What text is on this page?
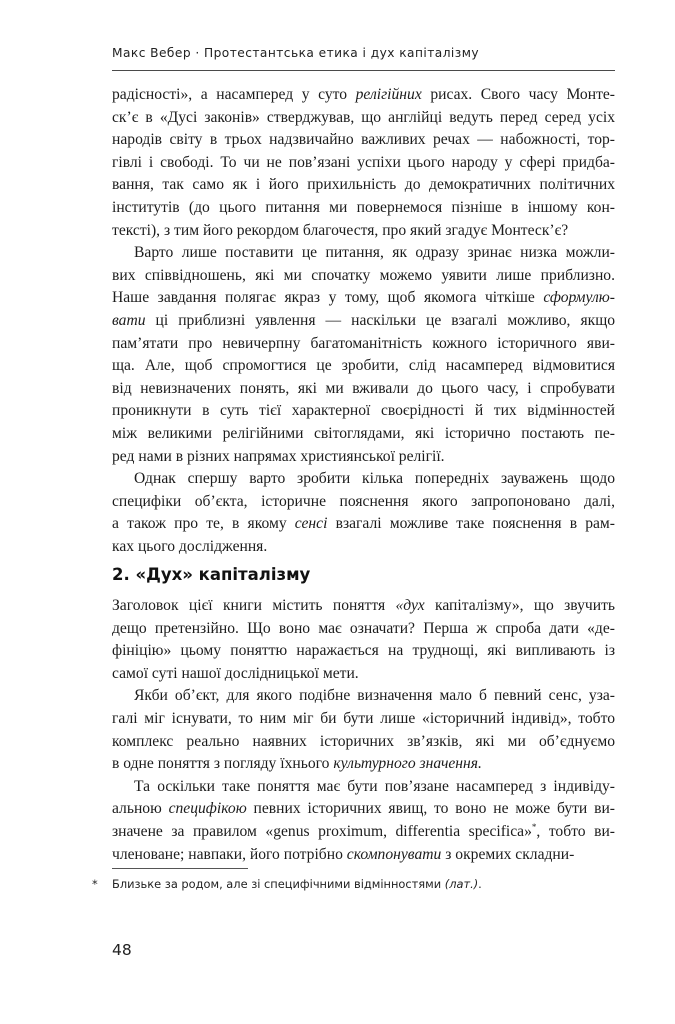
Макс Вебер · Протестантська етика і дух капіталізму

радісності», а насамперед у суто релігійних рисах. Свого часу Монте-
ск’є в «Дусі законів» стверджував, що англійці ведуть перед серед усіх
народів світу в трьох надзвичайно важливих речах — набожності, тор-
гівлі і свободі. То чи не пов’язані успіхи цього народу у сфері придба-
вання, так само як і його прихильність до демократичних політичних
інститутів (до цього питання ми повернемося пізніше в іншому кон-
тексті), з тим його рекордом благочестя, про який згадує Монтеск’є?

Варто лише поставити це питання, як одразу зринає низка можли-
вих співвідношень, які ми спочатку можемо уявити лише приблизно.
Наше завдання полягає якраз у тому, щоб якомога чіткіше сформулю-
вати ці приблизні уявлення — наскільки це взагалі можливо, якщо
пам’ятати про невичерпну багатоманітність кожного історичного яви-
ща. Але, щоб спромогтися це зробити, слід насамперед відмовитися
від невизначених понять, які ми вживали до цього часу, і спробувати
проникнути в суть тієї характерної своєрідності й тих відмінностей
між великими релігійними світоглядами, які історично постають пе-
ред нами в різних напрямах християнської релігії.

Однак спершу варто зробити кілька попередніх зауважень щодо
специфіки об’єкта, історичне пояснення якого запропоновано далі,
а також про те, в якому сенсі взагалі можливе таке пояснення в рам-
ках цього дослідження.

2. «Дух» капіталізму

Заголовок цієї книги містить поняття «дух капіталізму», що звучить
дещо претензійно. Що воно має означати? Перша ж спроба дати «де-
фініцію» цьому поняттю наражається на труднощі, які випливають із
самої суті нашої дослідницької мети.

Якби об’єкт, для якого подібне визначення мало б певний сенс, уза-
галі міг існувати, то ним міг би бути лише «історичний індивід», тобто
комплекс реально наявних історичних зв’язків, які ми об’єднуємо
в одне поняття з погляду їхнього культурного значення.

Та оскільки таке поняття має бути пов’язане насамперед з індивіду-
альною специфікою певних історичних явищ, то воно не може бути ви-
значене за правилом «genus proximum, differentia specifica»*, тобто ви-
членоване; навпаки, його потрібно скомпонувати з окремих складни-

* Близьке за родом, але зі специфічними відмінностями (лат.).
48
